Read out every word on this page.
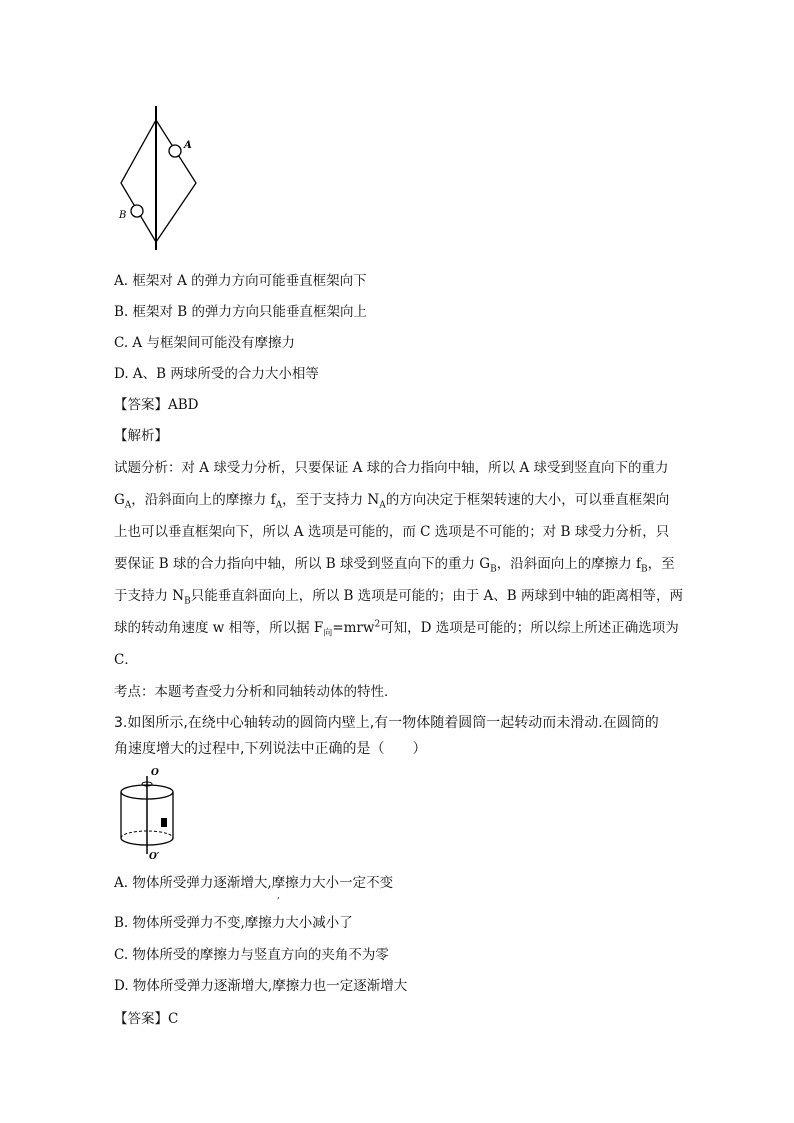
A
B
A. 框架对 A 的弹力方向可能垂直框架向下
B. 框架对 B 的弹力方向只能垂直框架向上
C. A 与框架间可能没有摩擦力
D. A、B 两球所受的合力大小相等
【答案】ABD
【解析】
试题分析：对 A 球受力分析，只要保证 A 球的合力指向中轴，所以 A 球受到竖直向下的重力
$G_A$，沿斜面向上的摩擦力 $f_A$，至于支持力 $N_A$的方向决定于框架转速的大小，可以垂直框架向
上也可以垂直框架向下，所以 A 选项是可能的，而 C 选项是不可能的；对 B 球受力分析，只
要保证 B 球的合力指向中轴，所以 B 球受到竖直向下的重力 $G_B$，沿斜面向上的摩擦力 $f_B$，至
于支持力 $N_B$只能垂直斜面向上，所以 B 选项是可能的；由于 A、B 两球到中轴的距离相等，两
球的转动角速度 w 相等，所以据 $F_向=mrw^2$可知，D 选项是可能的；所以综上所述正确选项为
C．
考点：本题考查受力分析和同轴转动体的特性．
3.如图所示,在绕中心轴转动的圆筒内壁上,有一物体随着圆筒一起转动而未滑动.在圆筒的
角速度增大的过程中,下列说法中正确的是（　　）
O
O′
A. 物体所受弹力逐渐增大,摩擦力大小一定不变
,
B. 物体所受弹力不变,摩擦力大小减小了
C. 物体所受的摩擦力与竖直方向的夹角不为零
D. 物体所受弹力逐渐增大,摩擦力也一定逐渐增大
【答案】C
